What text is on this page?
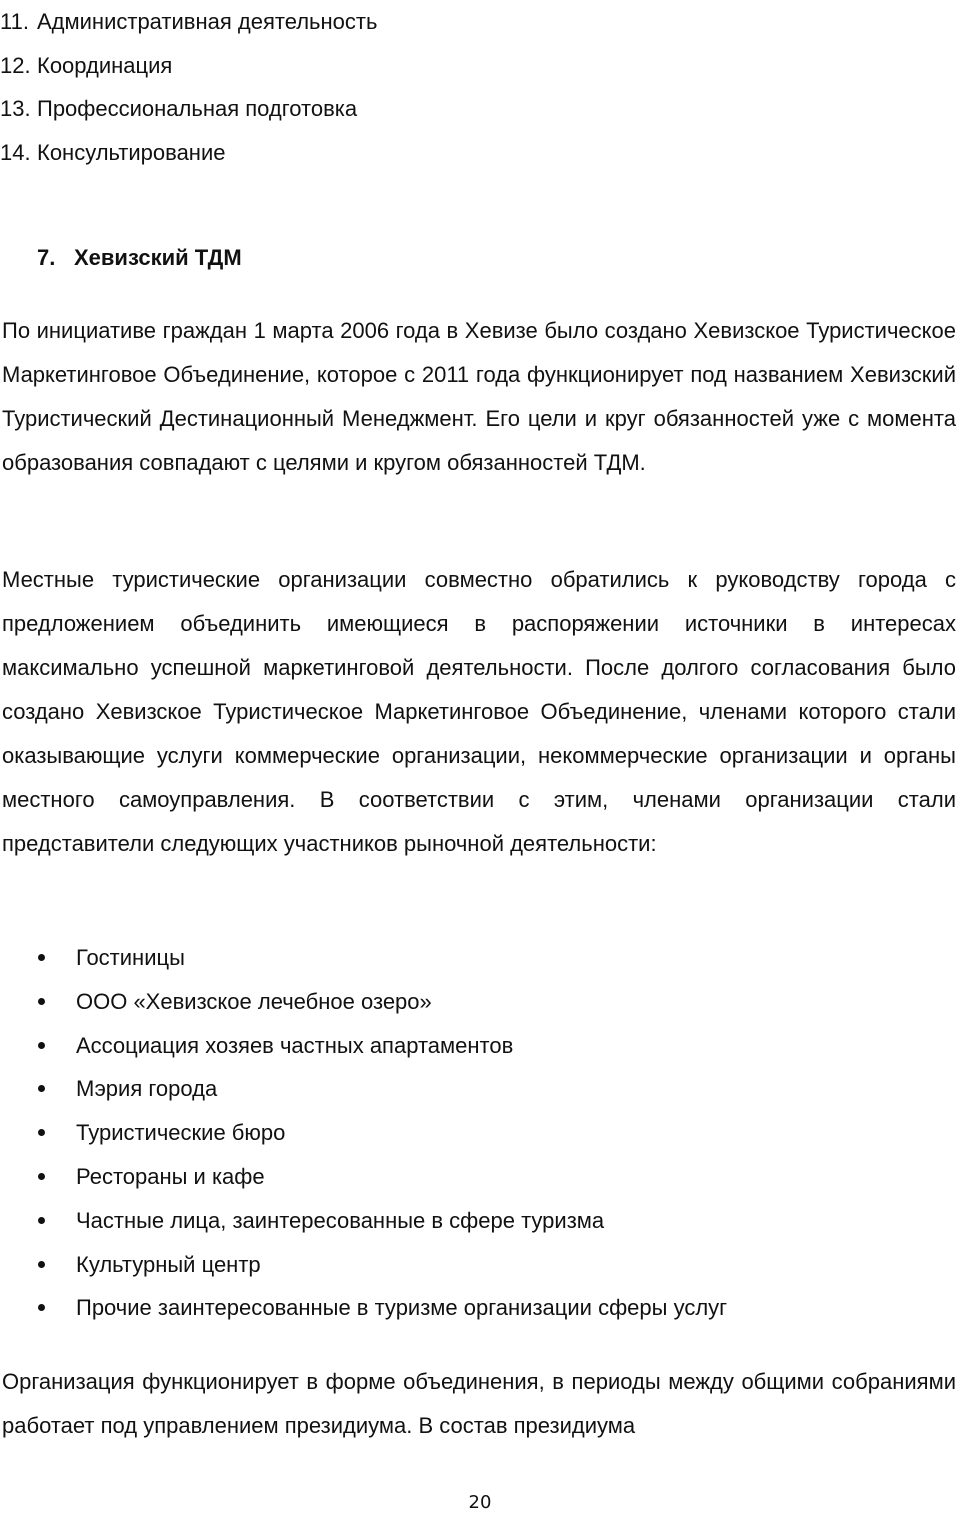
11. Административная деятельность
12. Координация
13. Профессиональная подготовка
14. Консультирование
7. Хевизский ТДМ

По инициативе граждан 1 марта 2006 года в Хевизе было создано Хевизское Туристическое Маркетинговое Объединение, которое с 2011 года функционирует под названием Хевизский Туристический Дестинационный Менеджмент. Его цели и круг обязанностей уже с момента образования совпадают с целями и кругом обязанностей ТДМ.

Местные туристические организации совместно обратились к руководству города с предложением объединить имеющиеся в распоряжении источники в интересах максимально успешной маркетинговой деятельности. После долгого согласования было создано Хевизское Туристическое Маркетинговое Объединение, членами которого стали оказывающие услуги коммерческие организации, некоммерческие организации и органы местного самоуправления. В соответствии с этим, членами организации стали представители следующих участников рыночной деятельности:

Гостиницы
ООО «Хевизское лечебное озеро»
Ассоциация хозяев частных апартаментов
Мэрия города
Туристические бюро
Рестораны и кафе
Частные лица, заинтересованные в сфере туризма
Культурный центр
Прочие заинтересованные в туризме организации сферы услуг

Организация функционирует в форме объединения, в периоды между общими собраниями работает под управлением президиума. В состав президиума

20
